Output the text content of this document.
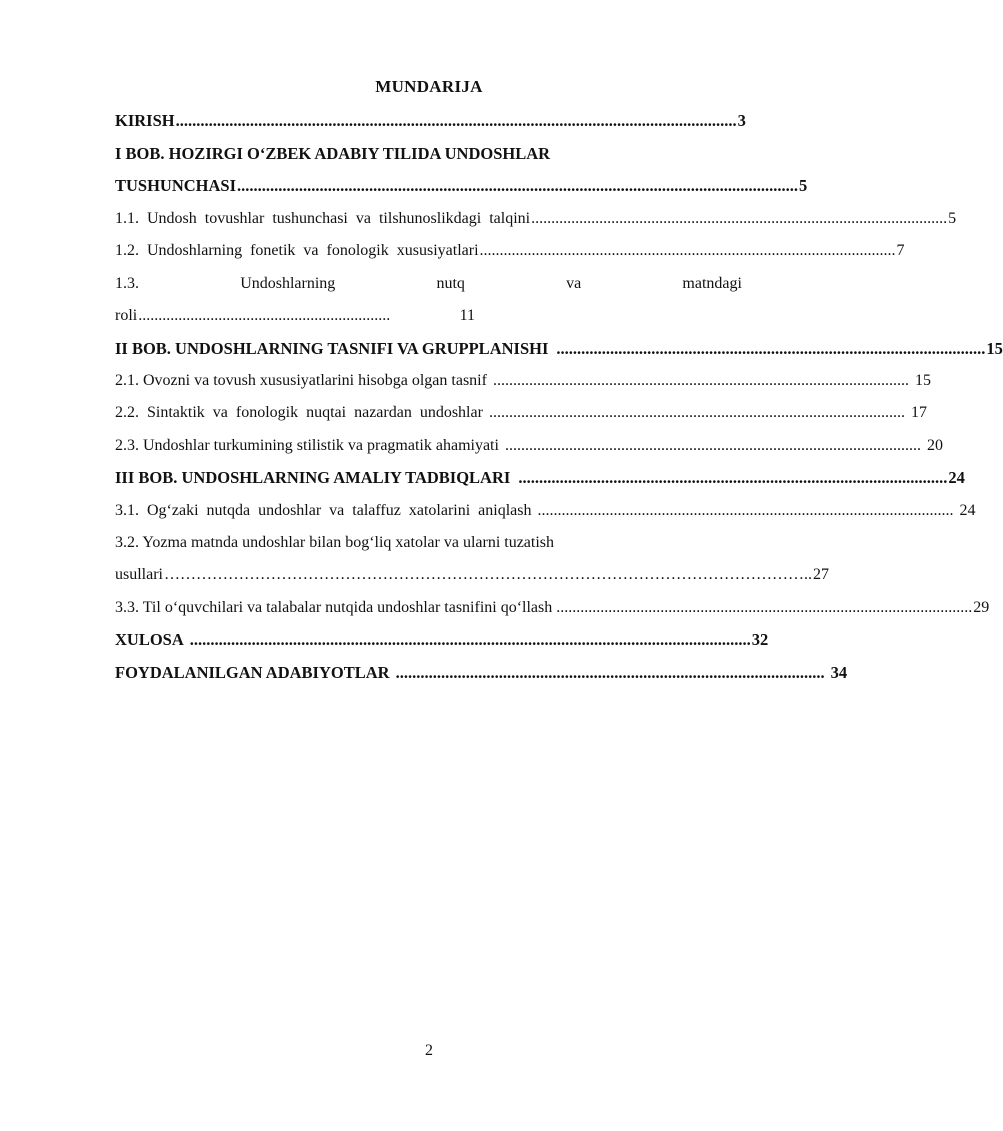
MUNDARIJA
KIRISH ........................................................................................................................................ 3
I BOB. HOZIRGI O‘ZBEK ADABIY TILIDA UNDOSHLAR
TUSHUNCHASI ........................................................................................................................................ 5
1.1.  Undosh  tovushlar  tushunchasi  va  tilshunoslikdagi  talqini ........................................................................................................ 5
1.2.  Undoshlarning  fonetik  va  fonologik  xususiyatlari ........................................................................................................ 7
1.3.	Undoshlarning	nutq	va	matndagi
roli ...............................................................	11
II BOB. UNDOSHLARNING TASNIFI VA GRUPPLANISHI ........................................................................................................ 15
2.1. Ovozni va tovush xususiyatlarini hisobga olgan tasnif ........................................................................................................ 15
2.2.  Sintaktik  va  fonologik  nuqtai  nazardan  undoshlar ........................................................................................................ 17
2.3. Undoshlar turkumining stilistik va pragmatik ahamiyati ........................................................................................................ 20
III BOB. UNDOSHLARNING AMALIY TADBIQLARI ........................................................................................................ 24
3.1.  Og‘zaki  nutqda  undoshlar  va  talaffuz  xatolarini  aniqlash ........................................................................................................ 24
3.2. Yozma matnda undoshlar bilan bog‘liq xatolar va ularni tuzatish
usullari ………………………………………………………………………………………………………….. 27
3.3. Til o‘quvchilari va talabalar nutqida undoshlar tasnifini qo‘llash ........................................................................................................ 29
XULOSA ........................................................................................................................................ 32
FOYDALANILGAN ADABIYOTLAR ........................................................................................................ 34
2
